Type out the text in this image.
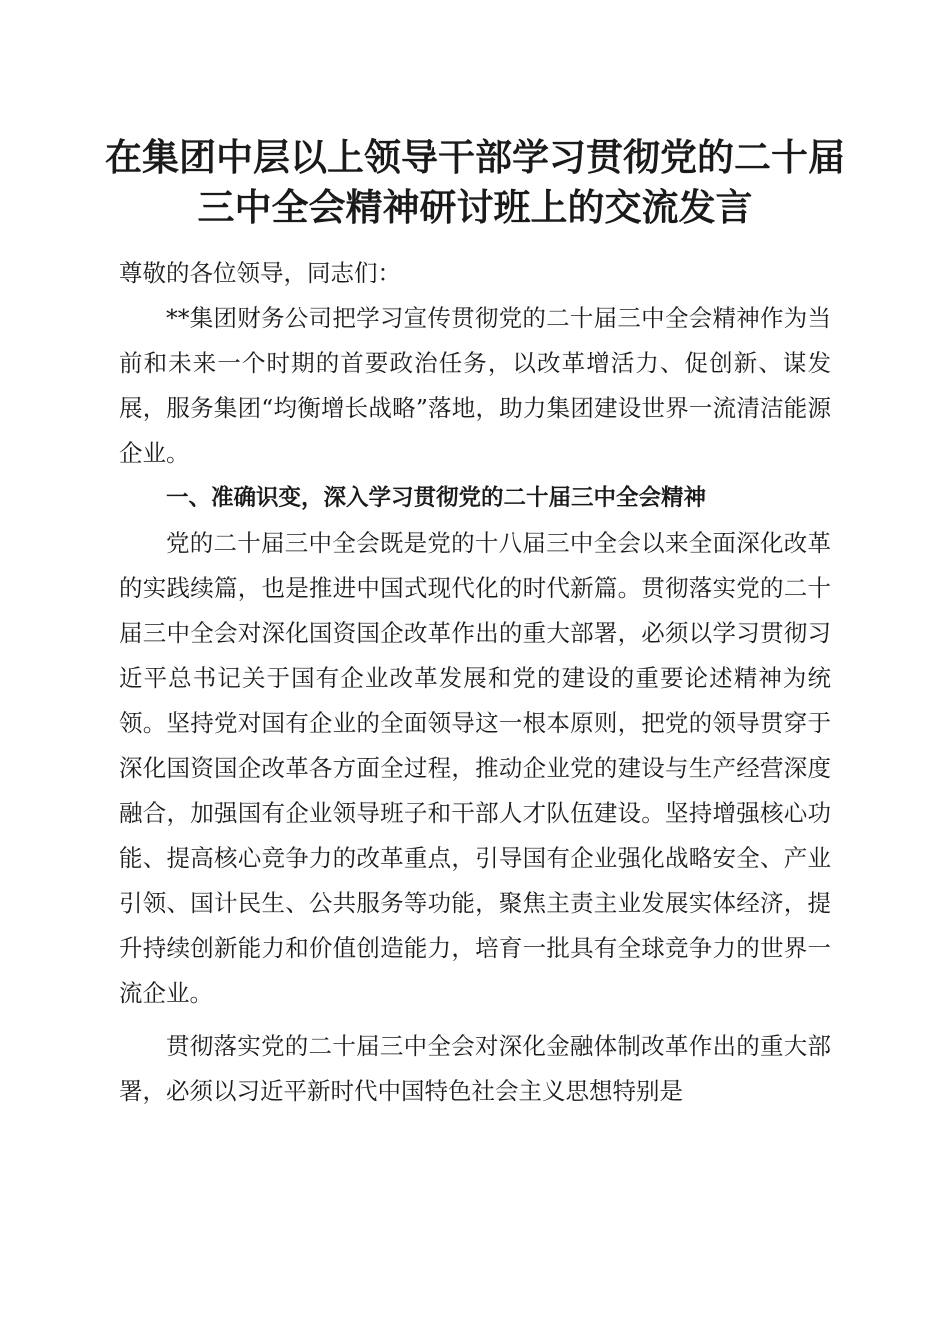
在集团中层以上领导干部学习贯彻党的二十届
三中全会精神研讨班上的交流发言

尊敬的各位领导，同志们：

**集团财务公司把学习宣传贯彻党的二十届三中全会精神作为当前和未来一个时期的首要政治任务，以改革增活力、促创新、谋发展，服务集团“均衡增长战略”落地，助力集团建设世界一流清洁能源企业。

一、准确识变，深入学习贯彻党的二十届三中全会精神

党的二十届三中全会既是党的十八届三中全会以来全面深化改革的实践续篇，也是推进中国式现代化的时代新篇。贯彻落实党的二十届三中全会对深化国资国企改革作出的重大部署，必须以学习贯彻习近平总书记关于国有企业改革发展和党的建设的重要论述精神为统领。坚持党对国有企业的全面领导这一根本原则，把党的领导贯穿于深化国资国企改革各方面全过程，推动企业党的建设与生产经营深度融合，加强国有企业领导班子和干部人才队伍建设。坚持增强核心功能、提高核心竞争力的改革重点，引导国有企业强化战略安全、产业引领、国计民生、公共服务等功能，聚焦主责主业发展实体经济，提升持续创新能力和价值创造能力，培育一批具有全球竞争力的世界一流企业。

贯彻落实党的二十届三中全会对深化金融体制改革作出的重大部署，必须以习近平新时代中国特色社会主义思想特别是
